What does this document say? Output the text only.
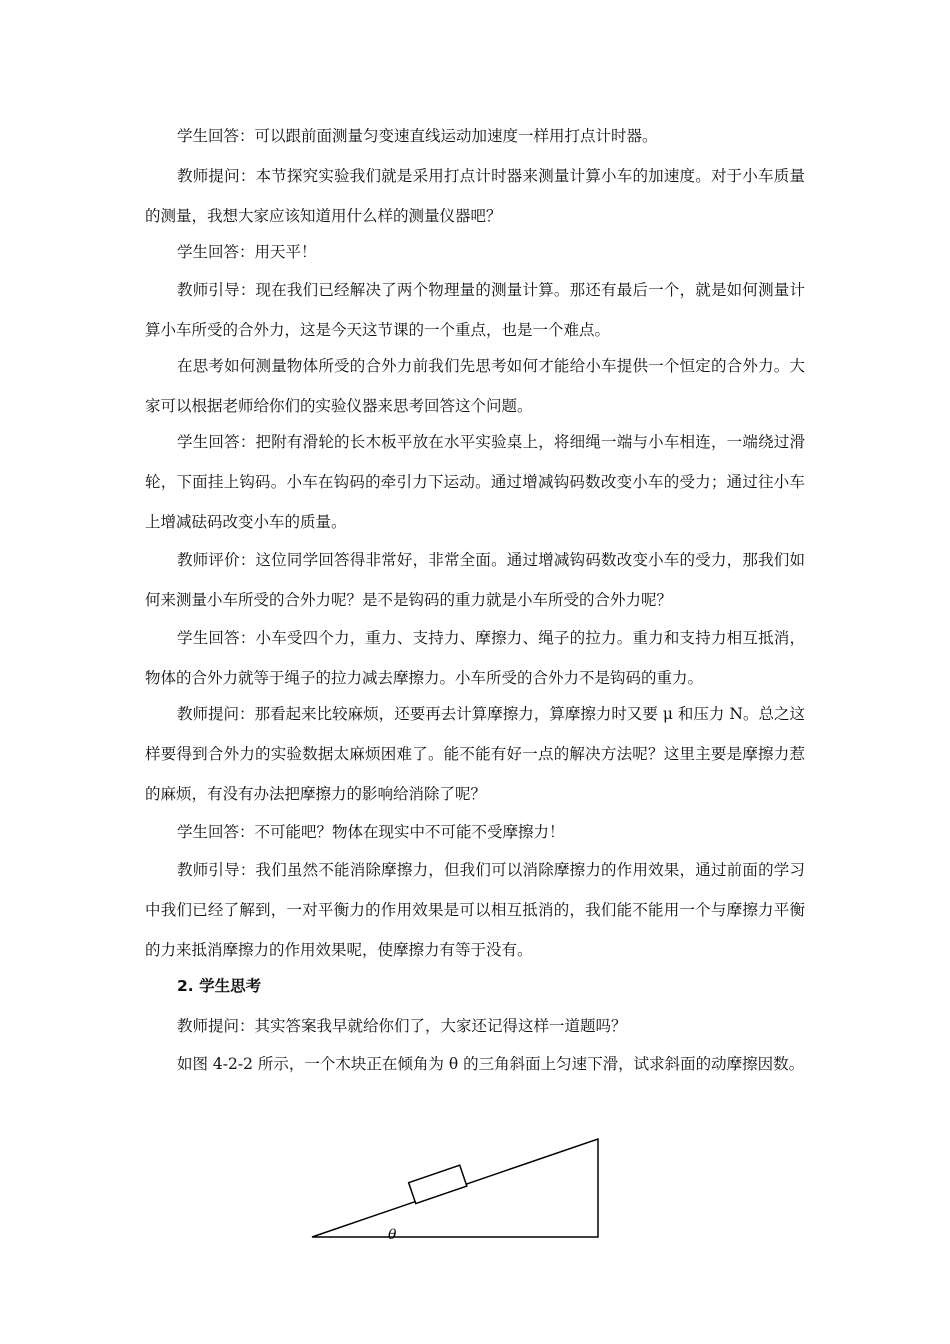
学生回答：可以跟前面测量匀变速直线运动加速度一样用打点计时器。

教师提问：本节探究实验我们就是采用打点计时器来测量计算小车的加速度。对于小车质量的测量，我想大家应该知道用什么样的测量仪器吧？

学生回答：用天平！

教师引导：现在我们已经解决了两个物理量的测量计算。那还有最后一个，就是如何测量计算小车所受的合外力，这是今天这节课的一个重点，也是一个难点。

在思考如何测量物体所受的合外力前我们先思考如何才能给小车提供一个恒定的合外力。大家可以根据老师给你们的实验仪器来思考回答这个问题。

学生回答：把附有滑轮的长木板平放在水平实验桌上，将细绳一端与小车相连，一端绕过滑轮，下面挂上钩码。小车在钩码的牵引力下运动。通过增减钩码数改变小车的受力；通过往小车上增减砝码改变小车的质量。

教师评价：这位同学回答得非常好，非常全面。通过增减钩码数改变小车的受力，那我们如何来测量小车所受的合外力呢？是不是钩码的重力就是小车所受的合外力呢？

学生回答：小车受四个力，重力、支持力、摩擦力、绳子的拉力。重力和支持力相互抵消，物体的合外力就等于绳子的拉力减去摩擦力。小车所受的合外力不是钩码的重力。

教师提问：那看起来比较麻烦，还要再去计算摩擦力，算摩擦力时又要 μ 和压力 N。总之这样要得到合外力的实验数据太麻烦困难了。能不能有好一点的解决方法呢？这里主要是摩擦力惹的麻烦，有没有办法把摩擦力的影响给消除了呢？

学生回答：不可能吧？物体在现实中不可能不受摩擦力！

教师引导：我们虽然不能消除摩擦力，但我们可以消除摩擦力的作用效果，通过前面的学习中我们已经了解到，一对平衡力的作用效果是可以相互抵消的，我们能不能用一个与摩擦力平衡的力来抵消摩擦力的作用效果呢，使摩擦力有等于没有。

2. 学生思考

教师提问：其实答案我早就给你们了，大家还记得这样一道题吗？

如图 4-2-2 所示，一个木块正在倾角为 θ 的三角斜面上匀速下滑，试求斜面的动摩擦因数。

θ
